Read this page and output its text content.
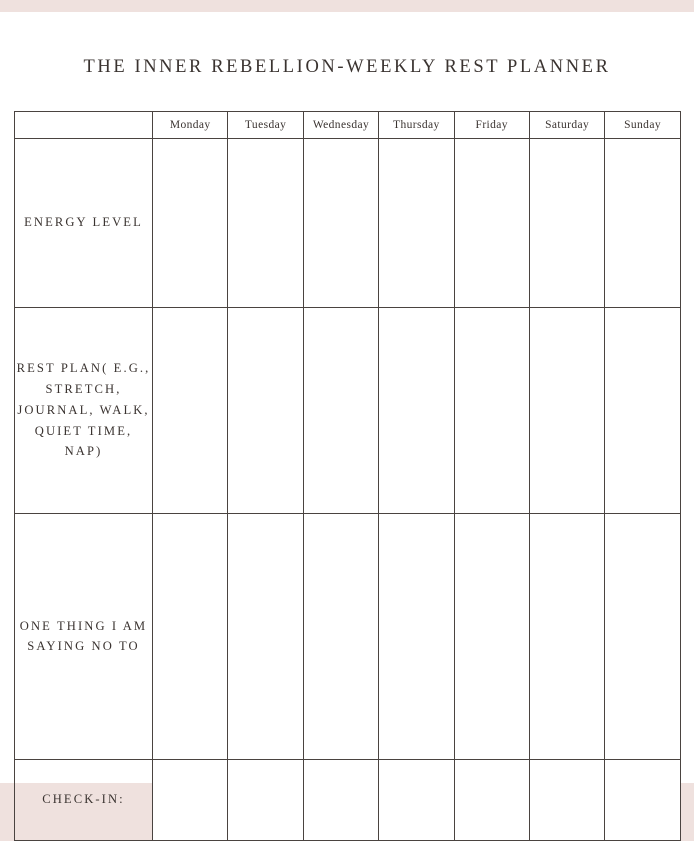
THE INNER REBELLION-WEEKLY REST PLANNER
	Monday	Tuesday	Wednesday	Thursday	Friday	Saturday	Sunday
ENERGY LEVEL							
REST PLAN( E.G., STRETCH, JOURNAL, WALK, QUIET TIME, NAP)							
ONE THING I AM SAYING NO TO							
CHECK-IN:							
